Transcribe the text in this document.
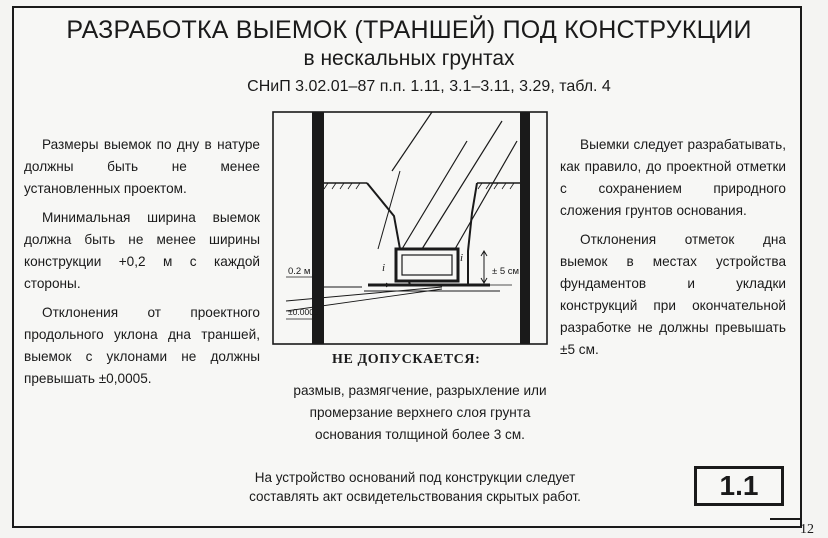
РАЗРАБОТКА ВЫЕМОК (ТРАНШЕЙ) ПОД КОНСТРУКЦИИ
в нескальных грунтах
СНиП 3.02.01–87 п.п. 1.11, 3.1–3.11, 3.29, табл. 4

Размеры выемок по дну в натуре должны быть не менее установленных проектом.

Минимальная ширина выемок должна быть не менее ширины конструкции +0,2 м с каждой стороны.

Отклонения от проектного продольного уклона дна траншей, выемок с уклонами не должны превышать ±0,0005.

Выемки следует разрабатывать, как правило, до проектной отметки с сохранением природного сложения грунтов основания.

Отклонения отметок дна выемок в местах устройства фундаментов и укладки конструкций при окончательной разработке не должны превышать ±5 см.

0.2 м
±0.0005
± 5 см
i
i
НЕ ДОПУСКАЕТСЯ:
размыв, размягчение, разрыхление или
промерзание верхнего слоя грунта
основания толщиной более 3 см.
На устройство оснований под конструкции следует
составлять акт освидетельствования скрытых работ.	1.1
12
